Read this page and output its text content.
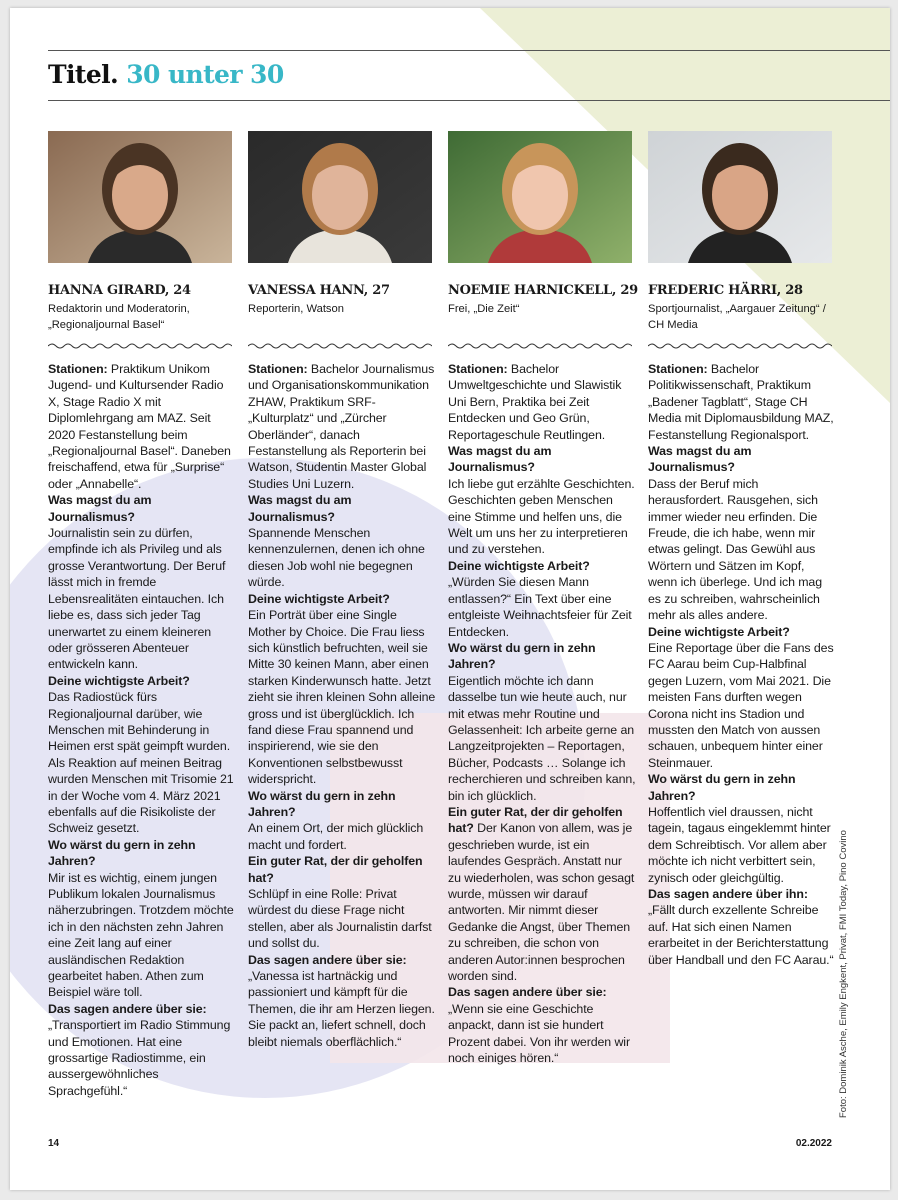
Titel. 30 unter 30
HANNA GIRARD, 24
Redaktorin und Moderatorin, „Regionaljournal Basel“
Stationen: Praktikum Unikom Jugend- und Kultursender Radio X, Stage Radio X mit Diplomlehrgang am MAZ. Seit 2020 Festanstellung beim „Regionaljournal Basel“. Daneben freischaffend, etwa für „Surprise“ oder „Annabelle“.
Was magst du am Journalismus?
Journalistin sein zu dürfen, empfinde ich als Privileg und als grosse Verantwortung. Der Beruf lässt mich in fremde Lebensrealitäten eintauchen. Ich liebe es, dass sich jeder Tag unerwartet zu einem kleineren oder grösseren Abenteuer entwickeln kann.
Deine wichtigste Arbeit?
Das Radiostück fürs Regionaljournal darüber, wie Menschen mit Behinderung in Heimen erst spät geimpft wurden. Als Reaktion auf meinen Beitrag wurden Menschen mit Trisomie 21 in der Woche vom 4. März 2021 ebenfalls auf die Risikoliste der Schweiz gesetzt.
Wo wärst du gern in zehn Jahren?
Mir ist es wichtig, einem jungen Publikum lokalen Journalismus näherzubringen. Trotzdem möchte ich in den nächsten zehn Jahren eine Zeit lang auf einer ausländischen Redaktion gearbeitet haben. Athen zum Beispiel wäre toll.
Das sagen andere über sie:
„Transportiert im Radio Stimmung und Emotionen. Hat eine grossartige Radiostimme, ein aussergewöhnliches Sprachgefühl.“
VANESSA HANN, 27
Reporterin, Watson
Stationen: Bachelor Journalismus und Organisationskommunikation ZHAW, Praktikum SRF-„Kulturplatz“ und „Zürcher Oberländer“, danach Festanstellung als Reporterin bei Watson, Studentin Master Global Studies Uni Luzern.
Was magst du am Journalismus?
Spannende Menschen kennenzulernen, denen ich ohne diesen Job wohl nie begegnen würde.
Deine wichtigste Arbeit?
Ein Porträt über eine Single Mother by Choice. Die Frau liess sich künstlich befruchten, weil sie Mitte 30 keinen Mann, aber einen starken Kinderwunsch hatte. Jetzt zieht sie ihren kleinen Sohn alleine gross und ist überglücklich. Ich fand diese Frau spannend und inspirierend, wie sie den Konventionen selbstbewusst widerspricht.
Wo wärst du gern in zehn Jahren?
An einem Ort, der mich glücklich macht und fordert.
Ein guter Rat, der dir geholfen hat?
Schlüpf in eine Rolle: Privat würdest du diese Frage nicht stellen, aber als Journalistin darfst und sollst du.
Das sagen andere über sie:
„Vanessa ist hartnäckig und passioniert und kämpft für die Themen, die ihr am Herzen liegen. Sie packt an, liefert schnell, doch bleibt niemals oberflächlich.“
NOEMIE HARNICKELL, 29
Frei, „Die Zeit“
Stationen: Bachelor Umweltgeschichte und Slawistik Uni Bern, Praktika bei Zeit Entdecken und Geo Grün, Reportageschule Reutlingen.
Was magst du am Journalismus?
Ich liebe gut erzählte Geschichten. Geschichten geben Menschen eine Stimme und helfen uns, die Welt um uns her zu interpretieren und zu verstehen.
Deine wichtigste Arbeit?
„Würden Sie diesen Mann entlassen?“ Ein Text über eine entgleiste Weihnachtsfeier für Zeit Entdecken.
Wo wärst du gern in zehn Jahren?
Eigentlich möchte ich dann dasselbe tun wie heute auch, nur mit etwas mehr Routine und Gelassenheit: Ich arbeite gerne an Langzeitprojekten – Reportagen, Bücher, Podcasts … Solange ich recherchieren und schreiben kann, bin ich glücklich.
Ein guter Rat, der dir geholfen hat? Der Kanon von allem, was je geschrieben wurde, ist ein laufendes Gespräch. Anstatt nur zu wiederholen, was schon gesagt wurde, müssen wir darauf antworten. Mir nimmt dieser Gedanke die Angst, über Themen zu schreiben, die schon von anderen Autor:innen besprochen worden sind.
Das sagen andere über sie:
„Wenn sie eine Geschichte anpackt, dann ist sie hundert Prozent dabei. Von ihr werden wir noch einiges hören.“
FREDERIC HÄRRI, 28
Sportjournalist, „Aargauer Zeitung“ / CH Media
Stationen: Bachelor Politikwissenschaft, Praktikum „Badener Tagblatt“, Stage CH Media mit Diplomausbildung MAZ, Festanstellung Regionalsport.
Was magst du am Journalismus?
Dass der Beruf mich herausfordert. Rausgehen, sich immer wieder neu erfinden. Die Freude, die ich habe, wenn mir etwas gelingt. Das Gewühl aus Wörtern und Sätzen im Kopf, wenn ich überlege. Und ich mag es zu schreiben, wahrscheinlich mehr als alles andere.
Deine wichtigste Arbeit?
Eine Reportage über die Fans des FC Aarau beim Cup-Halbfinal gegen Luzern, vom Mai 2021. Die meisten Fans durften wegen Corona nicht ins Stadion und mussten den Match von aussen schauen, unbequem hinter einer Steinmauer.
Wo wärst du gern in zehn Jahren?
Hoffentlich viel draussen, nicht tagein, tagaus eingeklemmt hinter dem Schreibtisch. Vor allem aber möchte ich nicht verbittert sein, zynisch oder gleichgültig.
Das sagen andere über ihn:
„Fällt durch exzellente Schreibe auf. Hat sich einen Namen erarbeitet in der Berichterstattung über Handball und den FC Aarau.“
14	02.2022
Foto: Dominik Asche, Emily Engkent, Privat, FMI Today, Pino Covino
